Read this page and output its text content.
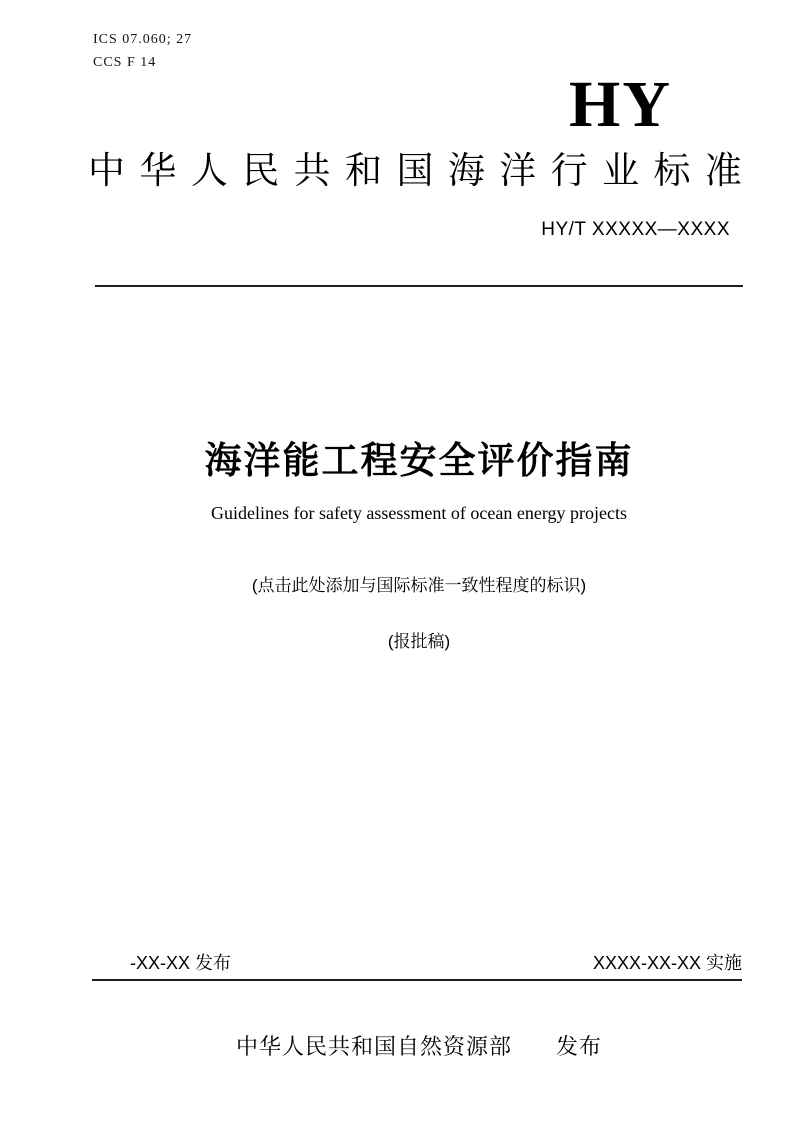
ICS 07.060; 27
CCS F 14
HY
中 华 人 民 共 和 国 海 洋 行 业 标 准
HY/T XXXXX—XXXX
海洋能工程安全评价指南
Guidelines for safety assessment of ocean energy projects
(点击此处添加与国际标准一致性程度的标识)
(报批稿)
-XX-XX 发布	XXXX-XX-XX 实施
中华人民共和国自然资源部 发布
